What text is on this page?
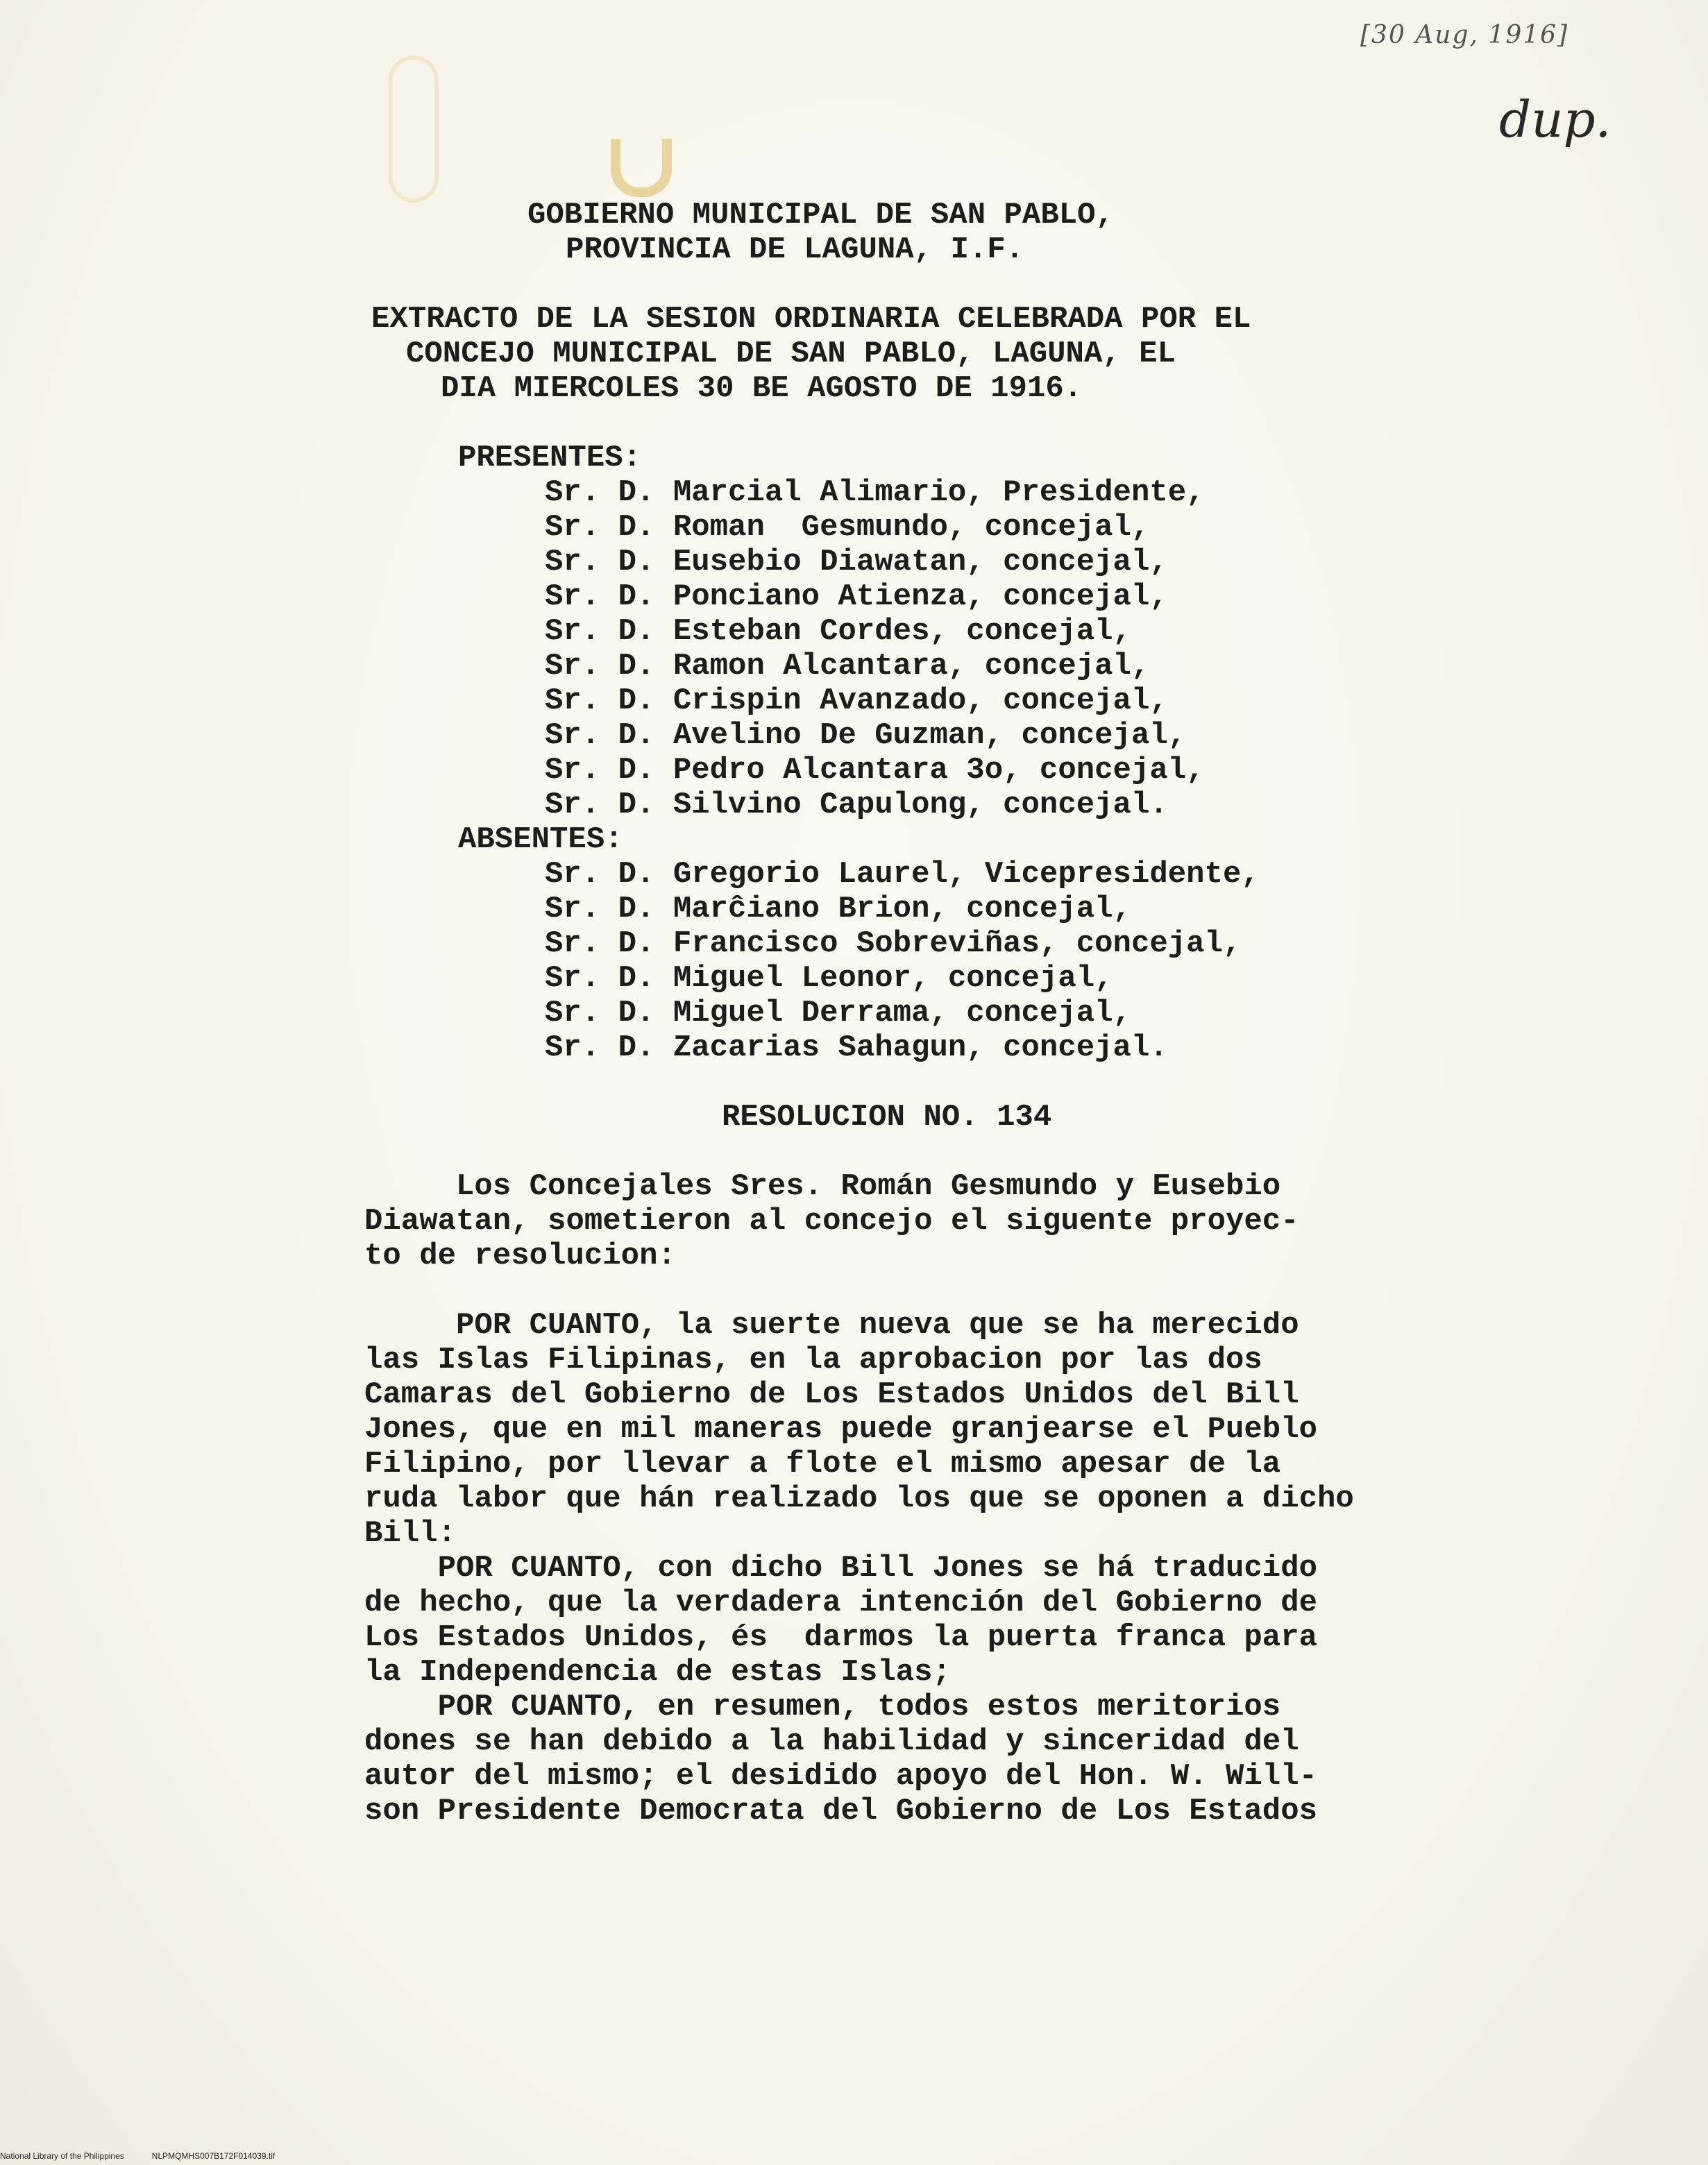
[30 Aug, 1916]
dup.
GOBIERNO MUNICIPAL DE SAN PABLO,
PROVINCIA DE LAGUNA, I.F.
EXTRACTO DE LA SESION ORDINARIA CELEBRADA POR EL
CONCEJO MUNICIPAL DE SAN PABLO, LAGUNA, EL
DIA MIERCOLES 30 BE AGOSTO DE 1916.
PRESENTES:
Sr. D. Marcial Alimario, Presidente,
Sr. D. Roman  Gesmundo, concejal,
Sr. D. Eusebio Diawatan, concejal,
Sr. D. Ponciano Atienza, concejal,
Sr. D. Esteban Cordes, concejal,
Sr. D. Ramon Alcantara, concejal,
Sr. D. Crispin Avanzado, concejal,
Sr. D. Avelino De Guzman, concejal,
Sr. D. Pedro Alcantara 3o, concejal,
Sr. D. Silvino Capulong, concejal.
ABSENTES:
Sr. D. Gregorio Laurel, Vicepresidente,
Sr. D. Marĉiano Brion, concejal,
Sr. D. Francisco Sobreviñas, concejal,
Sr. D. Miguel Leonor, concejal,
Sr. D. Miguel Derrama, concejal,
Sr. D. Zacarias Sahagun, concejal.
RESOLUCION NO. 134
Los Concejales Sres. Román Gesmundo y Eusebio
Diawatan, sometieron al concejo el siguente proyec-
to de resolucion:
POR CUANTO, la suerte nueva que se ha merecido
las Islas Filipinas, en la aprobacion por las dos
Camaras del Gobierno de Los Estados Unidos del Bill
Jones, que en mil maneras puede granjearse el Pueblo
Filipino, por llevar a flote el mismo apesar de la
ruda labor que hán realizado los que se oponen a dicho
Bill:
POR CUANTO, con dicho Bill Jones se há traducido
de hecho, que la verdadera intención del Gobierno de
Los Estados Unidos, és  darmos la puerta franca para
la Independencia de estas Islas;
POR CUANTO, en resumen, todos estos meritorios
dones se han debido a la habilidad y sinceridad del
autor del mismo; el desidido apoyo del Hon. W. Will-
son Presidente Democrata del Gobierno de Los Estados
National Library of the Philippines	NLPMQMHS007B172F014039.tif
